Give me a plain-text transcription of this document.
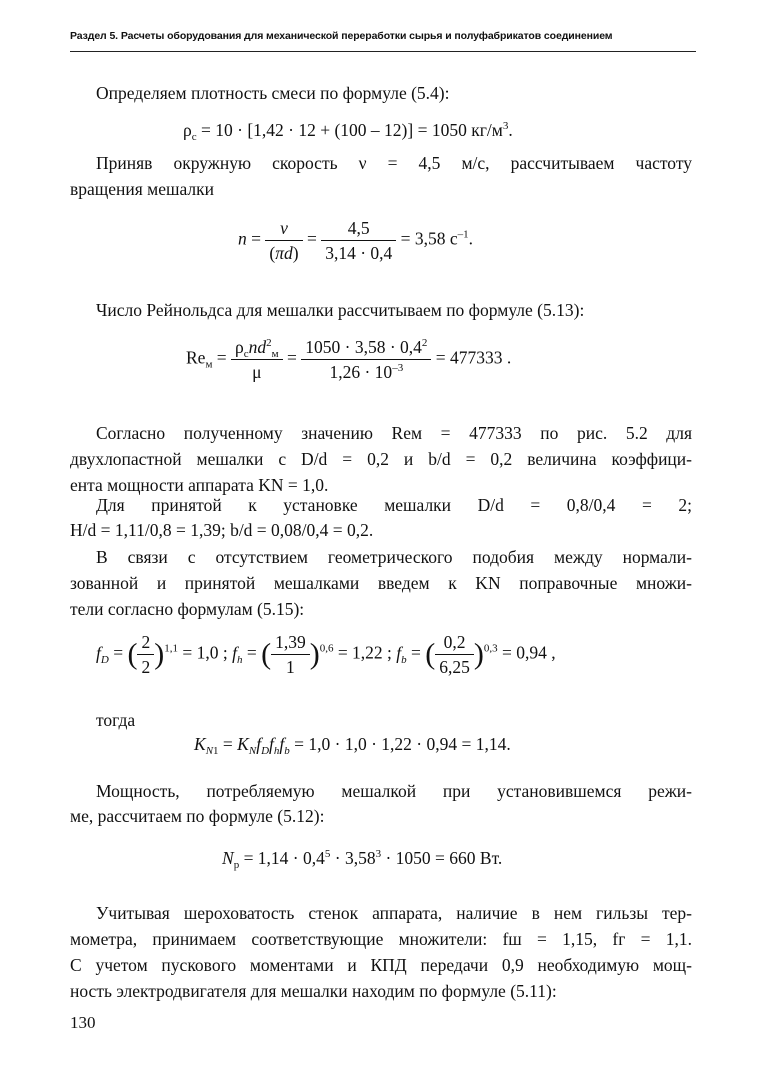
Раздел 5. Расчеты оборудования для механической переработки сырья и полуфабрикатов соединением
Определяем плотность смеси по формуле (5.4):
$\rho_с = 10 \cdot [1,42 \cdot 12 + (100 - 12)] = 1050$ $кг/м^3$.
Приняв окружную скорость ν = 4,5 м/с, рассчитываем частоту
вращения мешалки
$n = \frac{\nu}{(\pi d)} = \frac{4,5}{3,14 \cdot 0,4} = 3,58$ $с^{-1}$.
Число Рейнольдса для мешалки рассчитываем по формуле (5.13):
$Re_м = \frac{\rho_cnd^2_м}{\mu} = \frac{1050 \cdot 3,58 \cdot 0,4^2}{1,26 \cdot 10^{-3}} = 477333$ .
Согласно полученному значению Reм = 477333 по рис. 5.2 для
двухлопастной мешалки с D/d = 0,2 и b/d = 0,2 величина коэффици-
ента мощности аппарата KN = 1,0.
Для принятой к установке мешалки D/d = 0,8/0,4 = 2;
H/d = 1,11/0,8 = 1,39; b/d = 0,08/0,4 = 0,2.
В связи с отсутствием геометрического подобия между нормали-
зованной и принятой мешалками введем к KN поправочные множи-
тели согласно формулам (5.15):
$f_D$ = ( $\frac{2}{2} )^{1,1} = 1,0$ ; $f_h$ = ( $\frac{1,39}{1} )^{0,6} = 1,22$ ; $f_b$ = ( $\frac{0,2}{6,25} )^{0,3} = 0,94$ ,
тогда
$K_{N1} = K_Nf_Df_hf_b = 1,0 \cdot 1,0 \cdot 1,22 \cdot 0,94 = 1,14$.
Мощность, потребляемую мешалкой при установившемся режи-
ме, рассчитаем по формуле (5.12):
$N_р = 1,14 \cdot 0,4^5 \cdot 3,58^3 \cdot 1050 = 660$ Вт.
Учитывая шероховатость стенок аппарата, наличие в нем гильзы тер-
мометра, принимаем соответствующие множители: fш = 1,15, fг = 1,1.
С учетом пускового моментами и КПД передачи 0,9 необходимую мощ-
ность электродвигателя для мешалки находим по формуле (5.11):
130
